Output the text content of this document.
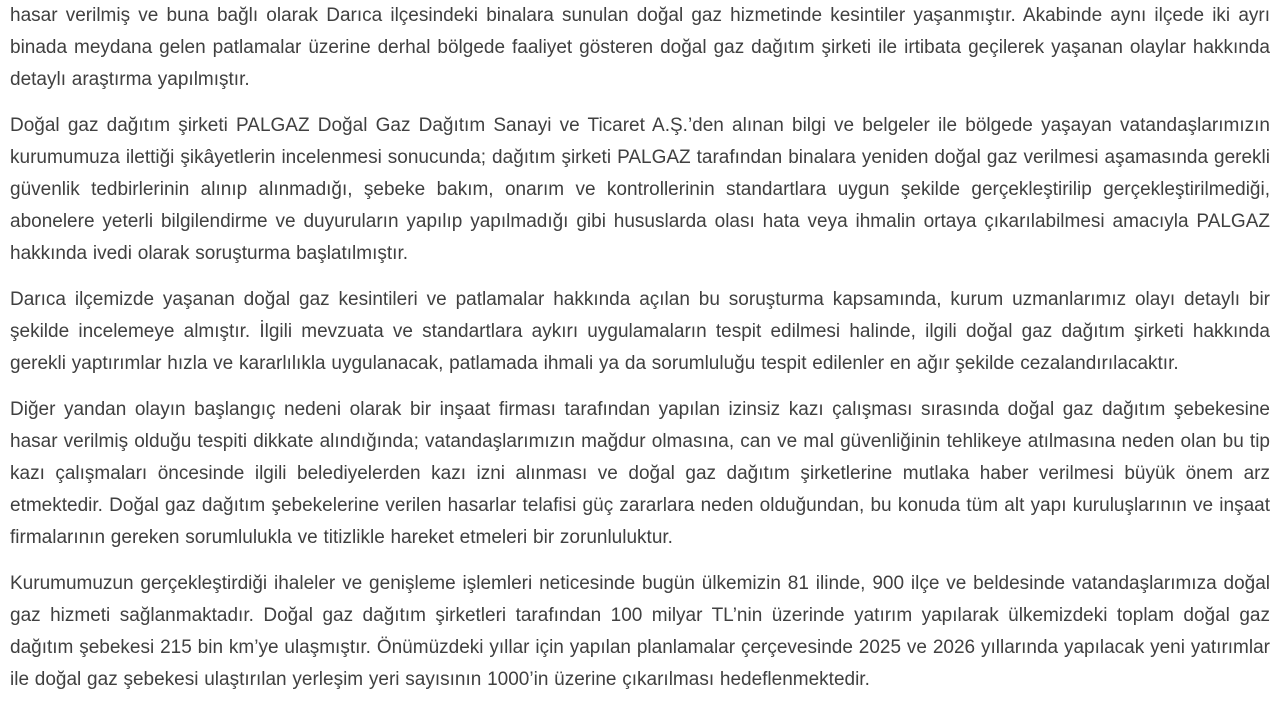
hasar verilmiş ve buna bağlı olarak Darıca ilçesindeki binalara sunulan doğal gaz hizmetinde kesintiler yaşanmıştır. Akabinde aynı ilçede iki ayrı binada meydana gelen patlamalar üzerine derhal bölgede faaliyet gösteren doğal gaz dağıtım şirketi ile irtibata geçilerek yaşanan olaylar hakkında detaylı araştırma yapılmıştır.

Doğal gaz dağıtım şirketi PALGAZ Doğal Gaz Dağıtım Sanayi ve Ticaret A.Ş.’den alınan bilgi ve belgeler ile bölgede yaşayan vatandaşlarımızın kurumumuza ilettiği şikâyetlerin incelenmesi sonucunda; dağıtım şirketi PALGAZ tarafından binalara yeniden doğal gaz verilmesi aşamasında gerekli güvenlik tedbirlerinin alınıp alınmadığı, şebeke bakım, onarım ve kontrollerinin standartlara uygun şekilde gerçekleştirilip gerçekleştirilmediği, abonelere yeterli bilgilendirme ve duyuruların yapılıp yapılmadığı gibi hususlarda olası hata veya ihmalin ortaya çıkarılabilmesi amacıyla PALGAZ hakkında ivedi olarak soruşturma başlatılmıştır.

Darıca ilçemizde yaşanan doğal gaz kesintileri ve patlamalar hakkında açılan bu soruşturma kapsamında, kurum uzmanlarımız olayı detaylı bir şekilde incelemeye almıştır. İlgili mevzuata ve standartlara aykırı uygulamaların tespit edilmesi halinde, ilgili doğal gaz dağıtım şirketi hakkında gerekli yaptırımlar hızla ve kararlılıkla uygulanacak, patlamada ihmali ya da sorumluluğu tespit edilenler en ağır şekilde cezalandırılacaktır.

Diğer yandan olayın başlangıç nedeni olarak bir inşaat firması tarafından yapılan izinsiz kazı çalışması sırasında doğal gaz dağıtım şebekesine hasar verilmiş olduğu tespiti dikkate alındığında; vatandaşlarımızın mağdur olmasına, can ve mal güvenliğinin tehlikeye atılmasına neden olan bu tip kazı çalışmaları öncesinde ilgili belediyelerden kazı izni alınması ve doğal gaz dağıtım şirketlerine mutlaka haber verilmesi büyük önem arz etmektedir. Doğal gaz dağıtım şebekelerine verilen hasarlar telafisi güç zararlara neden olduğundan, bu konuda tüm alt yapı kuruluşlarının ve inşaat firmalarının gereken sorumlulukla ve titizlikle hareket etmeleri bir zorunluluktur.

Kurumumuzun gerçekleştirdiği ihaleler ve genişleme işlemleri neticesinde bugün ülkemizin 81 ilinde, 900 ilçe ve beldesinde vatandaşlarımıza doğal gaz hizmeti sağlanmaktadır. Doğal gaz dağıtım şirketleri tarafından 100 milyar TL’nin üzerinde yatırım yapılarak ülkemizdeki toplam doğal gaz dağıtım şebekesi 215 bin km’ye ulaşmıştır. Önümüzdeki yıllar için yapılan planlamalar çerçevesinde 2025 ve 2026 yıllarında yapılacak yeni yatırımlar ile doğal gaz şebekesi ulaştırılan yerleşim yeri sayısının 1000’in üzerine çıkarılması hedeflenmektedir.
